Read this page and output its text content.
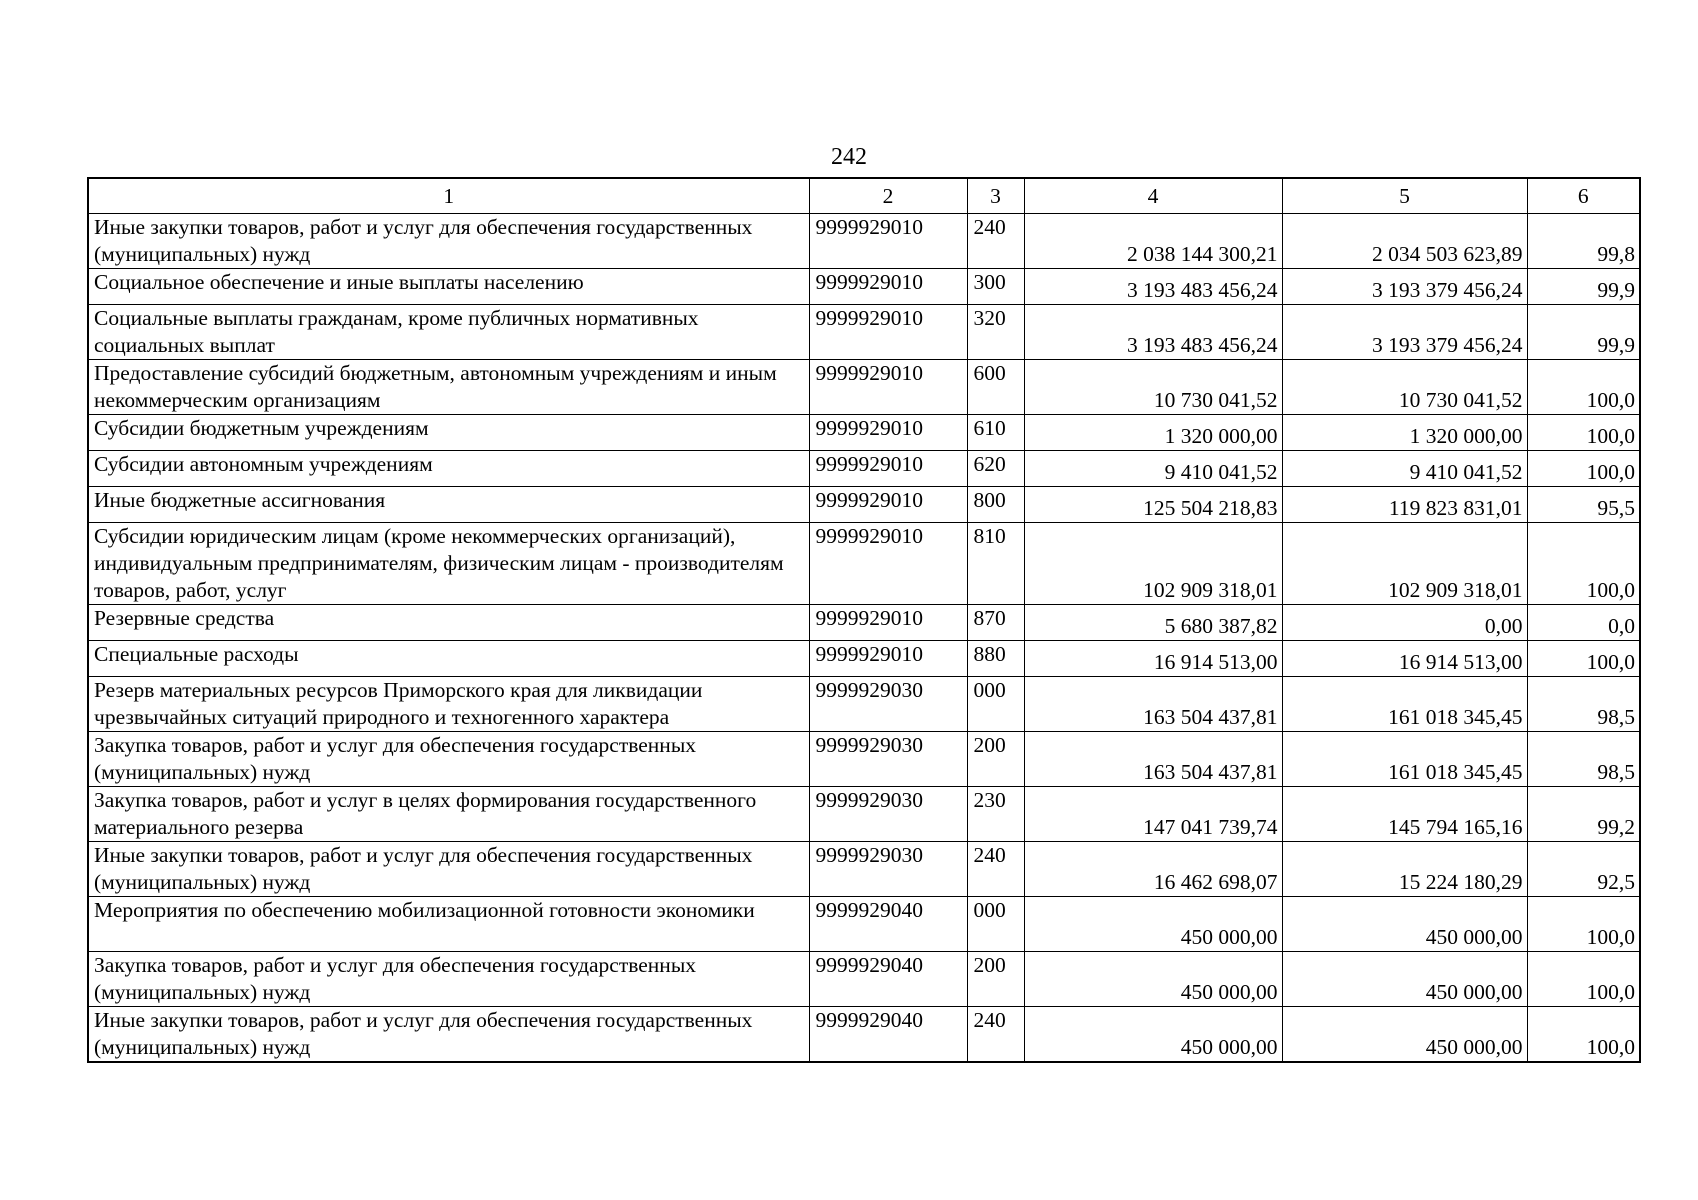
242
1	2	3	4	5	6
Иные закупки товаров, работ и услуг для обеспечения государственных (муниципальных) нужд	9999929010	240	2 038 144 300,21	2 034 503 623,89	99,8
Социальное обеспечение и иные выплаты населению	9999929010	300	3 193 483 456,24	3 193 379 456,24	99,9
Социальные выплаты гражданам, кроме публичных нормативных социальных выплат	9999929010	320	3 193 483 456,24	3 193 379 456,24	99,9
Предоставление субсидий бюджетным, автономным учреждениям и иным некоммерческим организациям	9999929010	600	10 730 041,52	10 730 041,52	100,0
Субсидии бюджетным учреждениям	9999929010	610	1 320 000,00	1 320 000,00	100,0
Субсидии автономным учреждениям	9999929010	620	9 410 041,52	9 410 041,52	100,0
Иные бюджетные ассигнования	9999929010	800	125 504 218,83	119 823 831,01	95,5
Субсидии юридическим лицам (кроме некоммерческих организаций), индивидуальным предпринимателям, физическим лицам - производителям товаров, работ, услуг	9999929010	810	102 909 318,01	102 909 318,01	100,0
Резервные средства	9999929010	870	5 680 387,82	0,00	0,0
Специальные расходы	9999929010	880	16 914 513,00	16 914 513,00	100,0
Резерв материальных ресурсов Приморского края для ликвидации чрезвычайных ситуаций природного и техногенного характера	9999929030	000	163 504 437,81	161 018 345,45	98,5
Закупка товаров, работ и услуг для обеспечения государственных (муниципальных) нужд	9999929030	200	163 504 437,81	161 018 345,45	98,5
Закупка товаров, работ и услуг в целях формирования государственного материального резерва	9999929030	230	147 041 739,74	145 794 165,16	99,2
Иные закупки товаров, работ и услуг для обеспечения государственных (муниципальных) нужд	9999929030	240	16 462 698,07	15 224 180,29	92,5
Мероприятия по обеспечению мобилизационной готовности экономики	9999929040	000	450 000,00	450 000,00	100,0
Закупка товаров, работ и услуг для обеспечения государственных (муниципальных) нужд	9999929040	200	450 000,00	450 000,00	100,0
Иные закупки товаров, работ и услуг для обеспечения государственных (муниципальных) нужд	9999929040	240	450 000,00	450 000,00	100,0
